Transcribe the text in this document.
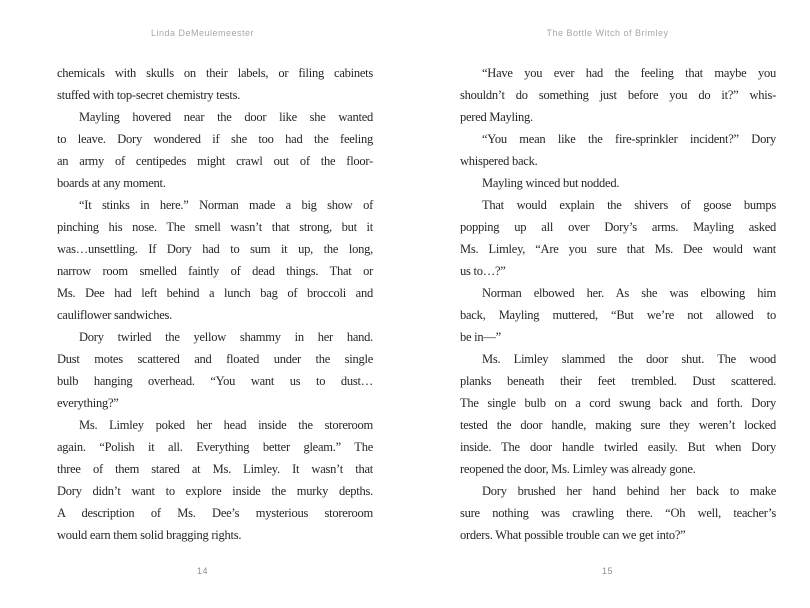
Linda DeMeulemeester
chemicals with skulls on their labels, or filing cabinets
stuffed with top-secret chemistry tests.
Mayling hovered near the door like she wanted
to leave. Dory wondered if she too had the feeling
an army of centipedes might crawl out of the floor-
boards at any moment.
“It stinks in here.” Norman made a big show of
pinching his nose. The smell wasn’t that strong, but it
was…unsettling. If Dory had to sum it up, the long,
narrow room smelled faintly of dead things. That or
Ms. Dee had left behind a lunch bag of broccoli and
cauliflower sandwiches.
Dory twirled the yellow shammy in her hand.
Dust motes scattered and floated under the single
bulb hanging overhead. “You want us to dust…
everything?”
Ms. Limley poked her head inside the storeroom
again. “Polish it all. Everything better gleam.” The
three of them stared at Ms. Limley. It wasn’t that
Dory didn’t want to explore inside the murky depths.
A description of Ms. Dee’s mysterious storeroom
would earn them solid bragging rights.
14
The Bottle Witch of Brimley
“Have you ever had the feeling that maybe you
shouldn’t do something just before you do it?” whis-
pered Mayling.
“You mean like the fire-sprinkler incident?” Dory
whispered back.
Mayling winced but nodded.
That would explain the shivers of goose bumps
popping up all over Dory’s arms. Mayling asked
Ms. Limley, “Are you sure that Ms. Dee would want
us to…?”
Norman elbowed her. As she was elbowing him
back, Mayling muttered, “But we’re not allowed to
be in—”
Ms. Limley slammed the door shut. The wood
planks beneath their feet trembled. Dust scattered.
The single bulb on a cord swung back and forth. Dory
tested the door handle, making sure they weren’t locked
inside. The door handle twirled easily. But when Dory
reopened the door, Ms. Limley was already gone.
Dory brushed her hand behind her back to make
sure nothing was crawling there. “Oh well, teacher’s
orders. What possible trouble can we get into?”
15
